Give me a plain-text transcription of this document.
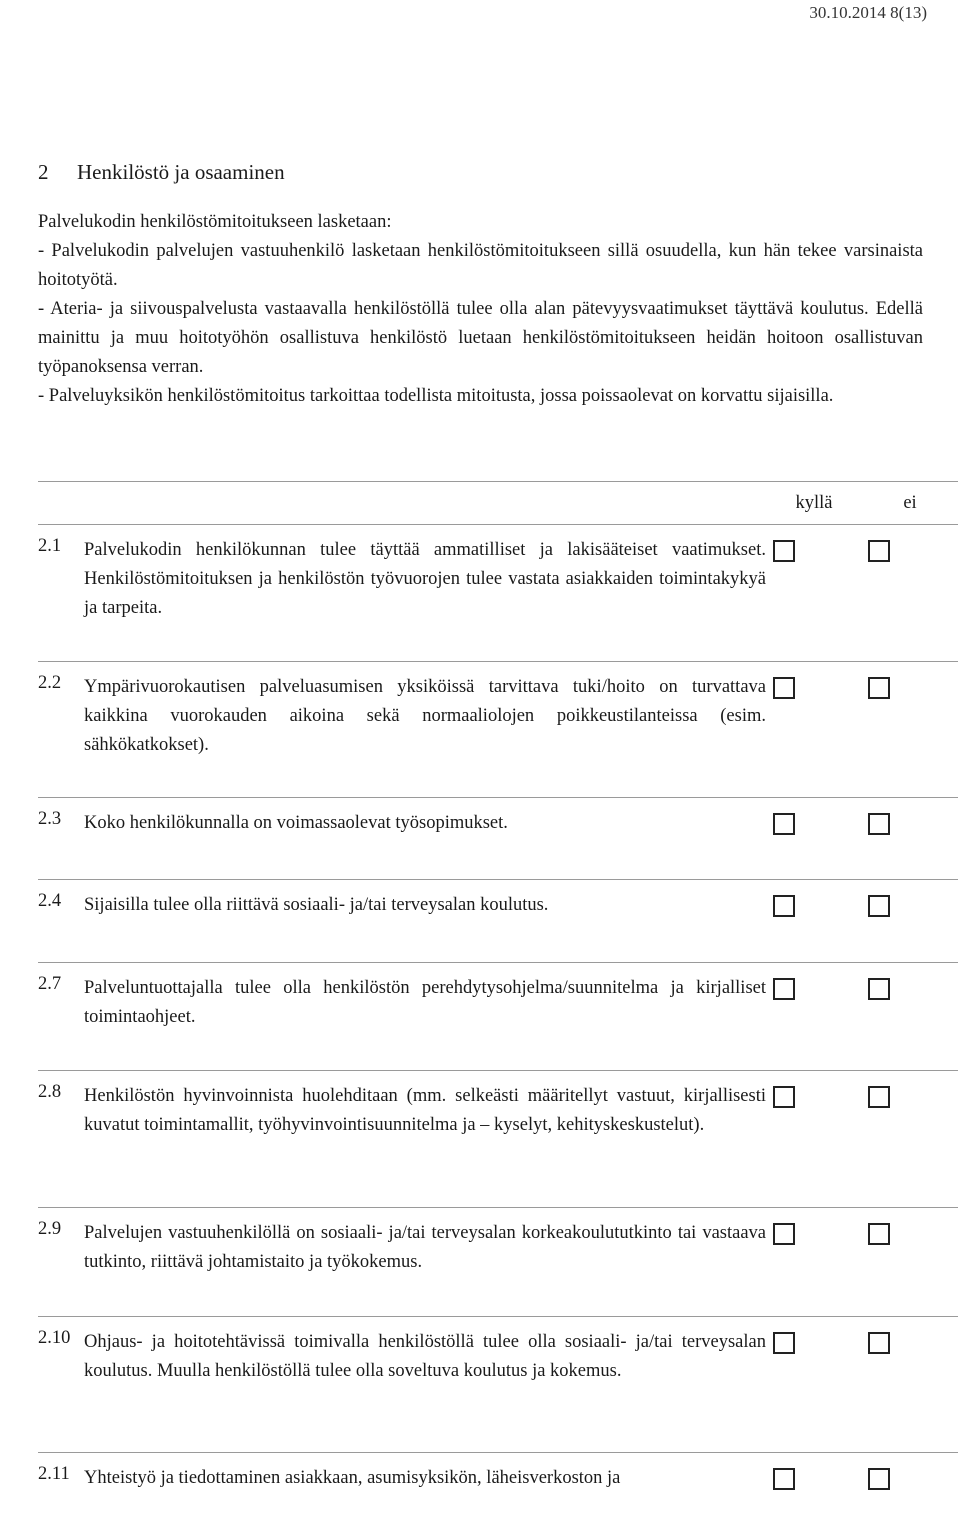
30.10.2014 8(13)
2 Henkilöstö ja osaaminen

Palvelukodin henkilöstömitoitukseen lasketaan:

- Palvelukodin palvelujen vastuuhenkilö lasketaan henkilöstömitoitukseen sillä osuudella, kun hän tekee varsinaista hoitotyötä.

- Ateria- ja siivouspalvelusta vastaavalla henkilöstöllä tulee olla alan pätevyysvaatimukset täyttävä koulutus. Edellä mainittu ja muu hoitotyöhön osallistuva henkilöstö luetaan henkilöstömitoitukseen heidän hoitoon osallistuvan työpanoksensa verran.

- Palveluyksikön henkilöstömitoitus tarkoittaa todellista mitoitusta, jossa poissaolevat on korvattu sijaisilla.

		kyllä	ei
2.1	Palvelukodin henkilökunnan tulee täyttää ammatilliset ja lakisääteiset vaatimukset. Henkilöstömitoituksen ja henkilöstön työvuorojen tulee vastata asiakkaiden toimintakykyä ja tarpeita.		
2.2	Ympärivuorokautisen palveluasumisen yksiköissä tarvittava tuki/hoito on turvattava kaikkina vuorokauden aikoina sekä normaaliolojen poikkeustilanteissa (esim. sähkökatkokset).		
2.3	Koko henkilökunnalla on voimassaolevat työsopimukset.		
2.4	Sijaisilla tulee olla riittävä sosiaali- ja/tai terveysalan koulutus.		
2.7	Palveluntuottajalla tulee olla henkilöstön perehdytysohjelma/suunnitelma ja kirjalliset toimintaohjeet.		
2.8	Henkilöstön hyvinvoinnista huolehditaan (mm. selkeästi määritellyt vastuut, kirjallisesti kuvatut toimintamallit, työhyvinvointisuunnitelma ja – kyselyt, kehityskeskustelut).		
2.9	Palvelujen vastuuhenkilöllä on sosiaali- ja/tai terveysalan korkeakoulututkinto tai vastaava tutkinto, riittävä johtamistaito ja työkokemus.		
2.10	Ohjaus- ja hoitotehtävissä toimivalla henkilöstöllä tulee olla sosiaali- ja/tai terveysalan koulutus. Muulla henkilöstöllä tulee olla soveltuva koulutus ja kokemus.		
2.11	Yhteistyö ja tiedottaminen asiakkaan, asumisyksikön, läheisverkoston ja		
